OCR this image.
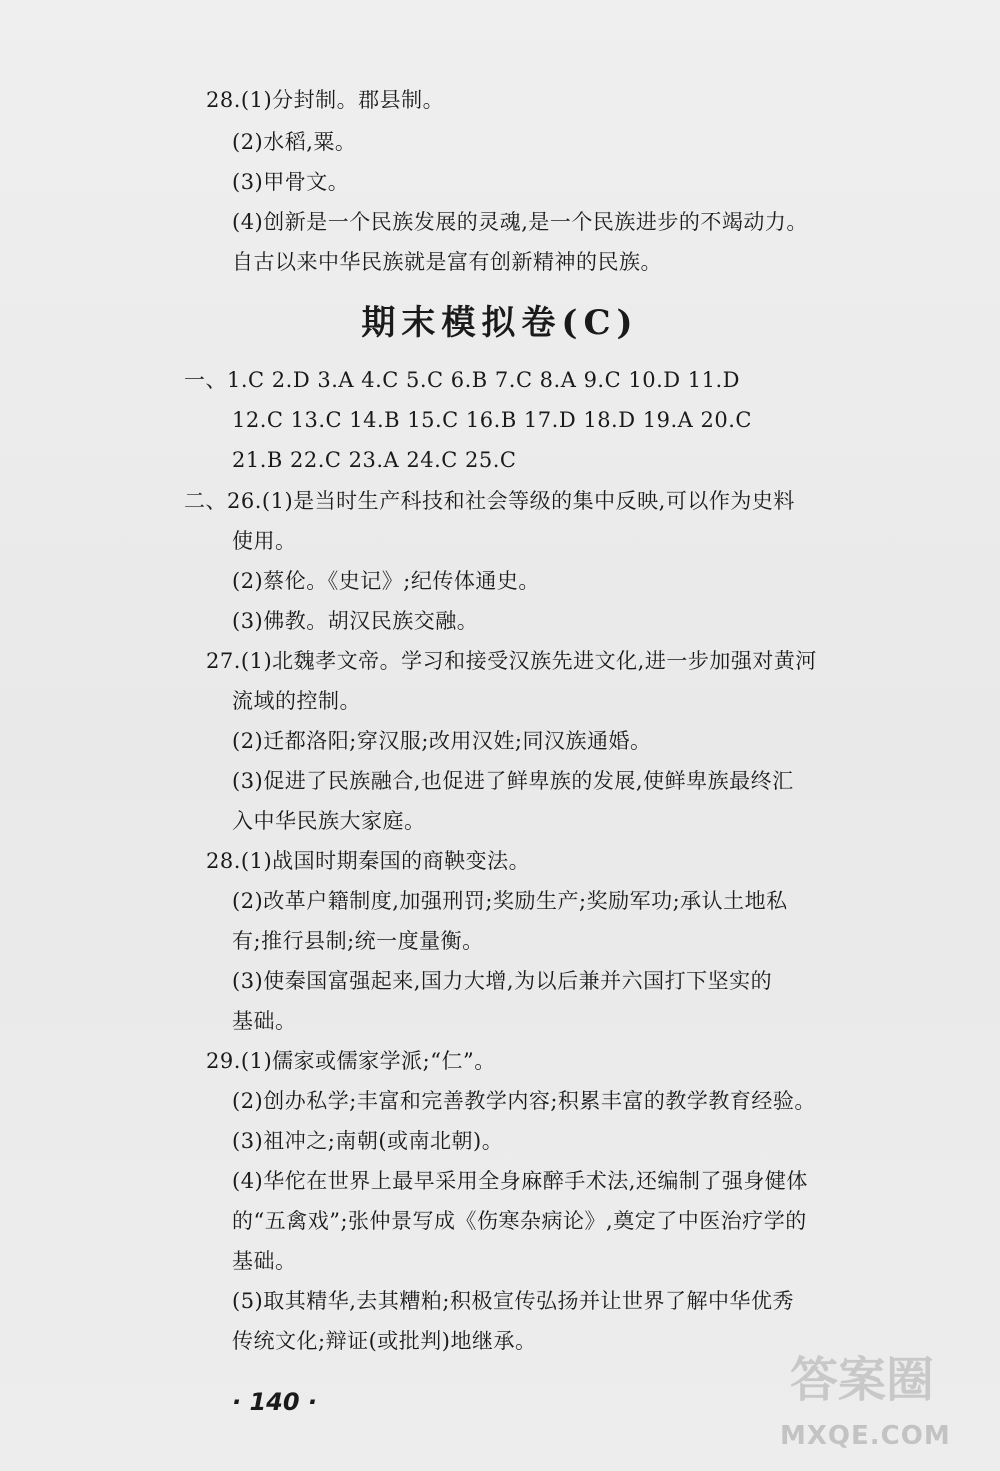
28.(1)分封制。郡县制。
(2)水稻,粟。
(3)甲骨文。
(4)创新是一个民族发展的灵魂,是一个民族进步的不竭动力。
自古以来中华民族就是富有创新精神的民族。
期末模拟卷(C)
一、1.C 2.D 3.A 4.C 5.C 6.B 7.C 8.A 9.C 10.D 11.D
12.C 13.C 14.B 15.C 16.B 17.D 18.D 19.A 20.C
21.B 22.C 23.A 24.C 25.C
二、26.(1)是当时生产科技和社会等级的集中反映,可以作为史料
使用。
(2)蔡伦。《史记》;纪传体通史。
(3)佛教。胡汉民族交融。
27.(1)北魏孝文帝。学习和接受汉族先进文化,进一步加强对黄河
流域的控制。
(2)迁都洛阳;穿汉服;改用汉姓;同汉族通婚。
(3)促进了民族融合,也促进了鲜卑族的发展,使鲜卑族最终汇
入中华民族大家庭。
28.(1)战国时期秦国的商鞅变法。
(2)改革户籍制度,加强刑罚;奖励生产;奖励军功;承认土地私
有;推行县制;统一度量衡。
(3)使秦国富强起来,国力大增,为以后兼并六国打下坚实的
基础。
29.(1)儒家或儒家学派;“仁”。
(2)创办私学;丰富和完善教学内容;积累丰富的教学教育经验。
(3)祖冲之;南朝(或南北朝)。
(4)华佗在世界上最早采用全身麻醉手术法,还编制了强身健体
的“五禽戏”;张仲景写成《伤寒杂病论》,奠定了中医治疗学的
基础。
(5)取其精华,去其糟粕;积极宣传弘扬并让世界了解中华优秀
传统文化;辩证(或批判)地继承。
· 140 ·	答案圈
MXQE.COM
